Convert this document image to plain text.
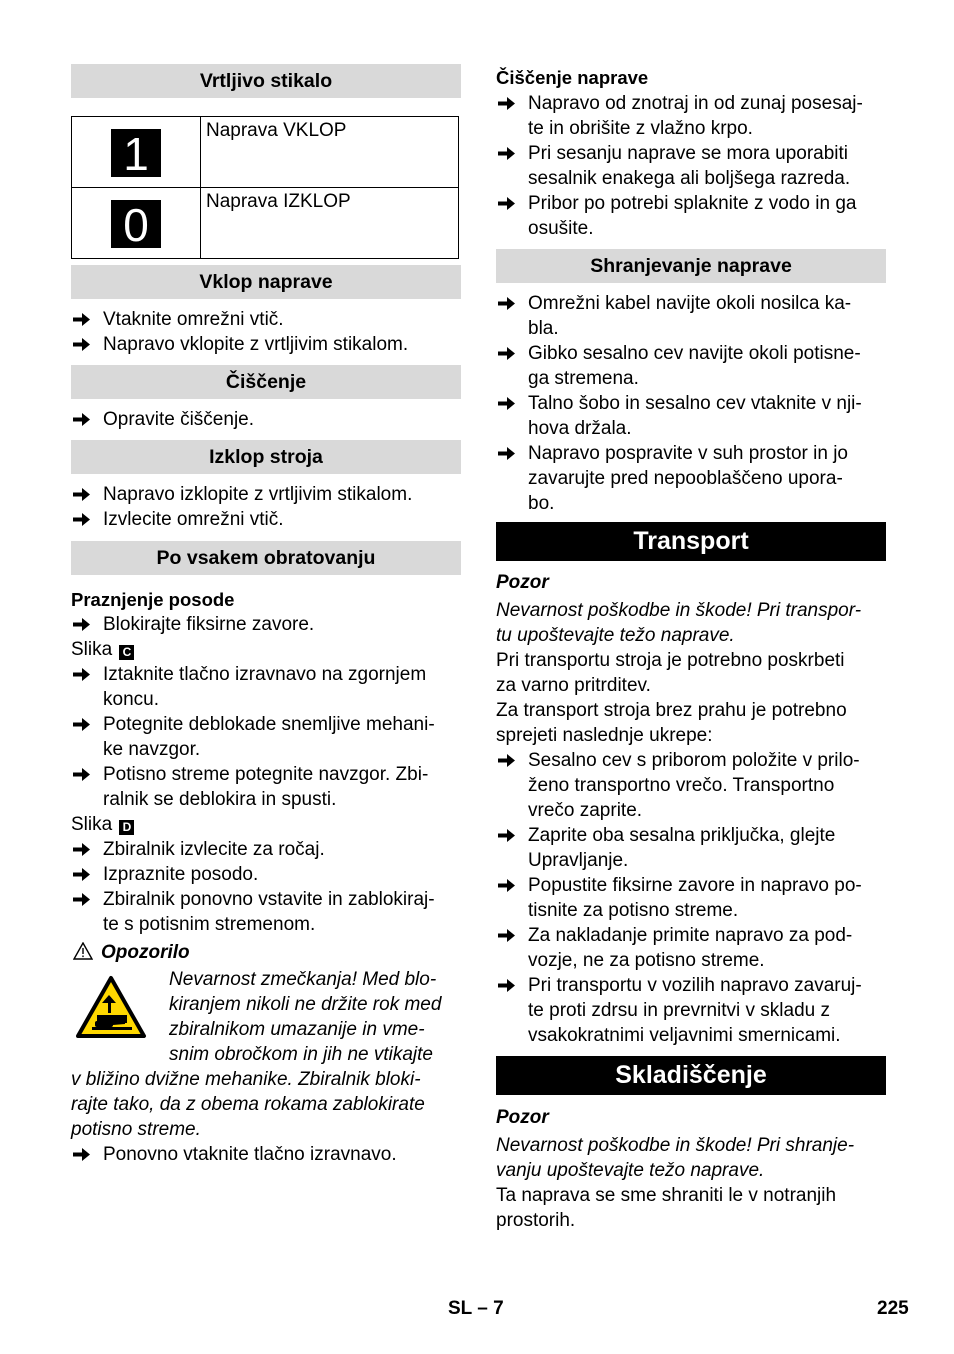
Vrtljivo stikalo
1	Naprava VKLOP

0	Naprava IZKLOP
Vklop naprave
Vtaknite omrežni vtič.
Napravo vklopite z vrtljivim stikalom.
Čiščenje
Opravite čiščenje.
Izklop stroja
Napravo izklopite z vrtljivim stikalom.
Izvlecite omrežni vtič.
Po vsakem obratovanju
Praznjenje posode
Blokirajte fiksirne zavore.
Slika C
Iztaknite tlačno izravnavo na zgornjem
koncu.
Potegnite deblokade snemljive mehani-
ke navzgor.
Potisno streme potegnite navzgor. Zbi-
ralnik se deblokira in spusti.
Slika D
Zbiralnik izvlecite za ročaj.
Izpraznite posodo.
Zbiralnik ponovno vstavite in zablokiraj-
te s potisnim stremenom.
Opozorilo
Nevarnost zmečkanja! Med blo-
kiranjem nikoli ne držite rok med
zbiralnikom umazanije in vme-
snim obročkom in jih ne vtikajte
v bližino dvižne mehanike. Zbiralnik bloki-
rajte tako, da z obema rokama zablokirate
potisno streme.
Ponovno vtaknite tlačno izravnavo.
Čiščenje naprave
Napravo od znotraj in od zunaj posesaj-
te in obrišite z vlažno krpo.
Pri sesanju naprave se mora uporabiti
sesalnik enakega ali boljšega razreda.
Pribor po potrebi splaknite z vodo in ga
osušite.
Shranjevanje naprave
Omrežni kabel navijte okoli nosilca ka-
bla.
Gibko sesalno cev navijte okoli potisne-
ga stremena.
Talno šobo in sesalno cev vtaknite v nji-
hova držala.
Napravo pospravite v suh prostor in jo
zavarujte pred nepooblaščeno upora-
bo.
Transport
Pozor
Nevarnost poškodbe in škode! Pri transpor-
tu upoštevajte težo naprave.
Pri transportu stroja je potrebno poskrbeti
za varno pritrditev.
Za transport stroja brez prahu je potrebno
sprejeti naslednje ukrepe:
Sesalno cev s priborom položite v prilo-
ženo transportno vrečo. Transportno
vrečo zaprite.
Zaprite oba sesalna priključka, glejte
Upravljanje.
Popustite fiksirne zavore in napravo po-
tisnite za potisno streme.
Za nakladanje primite napravo za pod-
vozje, ne za potisno streme.
Pri transportu v vozilih napravo zavaruj-
te proti zdrsu in prevrnitvi v skladu z
vsakokratnimi veljavnimi smernicami.
Skladiščenje
Pozor
Nevarnost poškodbe in škode! Pri shranje-
vanju upoštevajte težo naprave.
Ta naprava se sme shraniti le v notranjih
prostorih.
SL – 7	225
